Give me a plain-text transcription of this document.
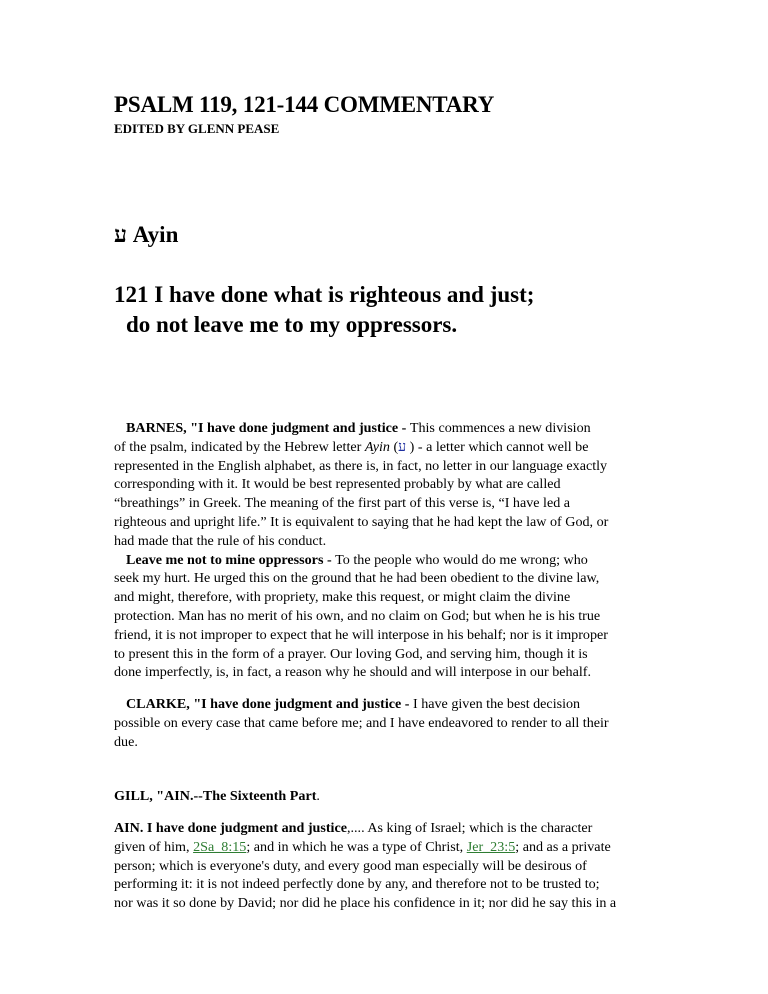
PSALM 119, 121-144 COMMENTARY
EDITED BY GLENN PEASE
ע Ayin
121 I have done what is righteous and just;
do not leave me to my oppressors.
BARNES, "I have done judgment and justice - This commences a new division
of the psalm, indicated by the Hebrew letter Ayin (ע ) - a letter which cannot well be
represented in the English alphabet, as there is, in fact, no letter in our language exactly
corresponding with it. It would be best represented probably by what are called
“breathings” in Greek. The meaning of the first part of this verse is, “I have led a
righteous and upright life.” It is equivalent to saying that he had kept the law of God, or
had made that the rule of his conduct.
Leave me not to mine oppressors - To the people who would do me wrong; who
seek my hurt. He urged this on the ground that he had been obedient to the divine law,
and might, therefore, with propriety, make this request, or might claim the divine
protection. Man has no merit of his own, and no claim on God; but when he is his true
friend, it is not improper to expect that he will interpose in his behalf; nor is it improper
to present this in the form of a prayer. Our loving God, and serving him, though it is
done imperfectly, is, in fact, a reason why he should and will interpose in our behalf.
CLARKE, "I have done judgment and justice - I have given the best decision
possible on every case that came before me; and I have endeavored to render to all their
due.
GILL, "AIN.--The Sixteenth Part.
AIN. I have done judgment and justice,.... As king of Israel; which is the character
given of him, 2Sa_8:15; and in which he was a type of Christ, Jer_23:5; and as a private
person; which is everyone's duty, and every good man especially will be desirous of
performing it: it is not indeed perfectly done by any, and therefore not to be trusted to;
nor was it so done by David; nor did he place his confidence in it; nor did he say this in a
